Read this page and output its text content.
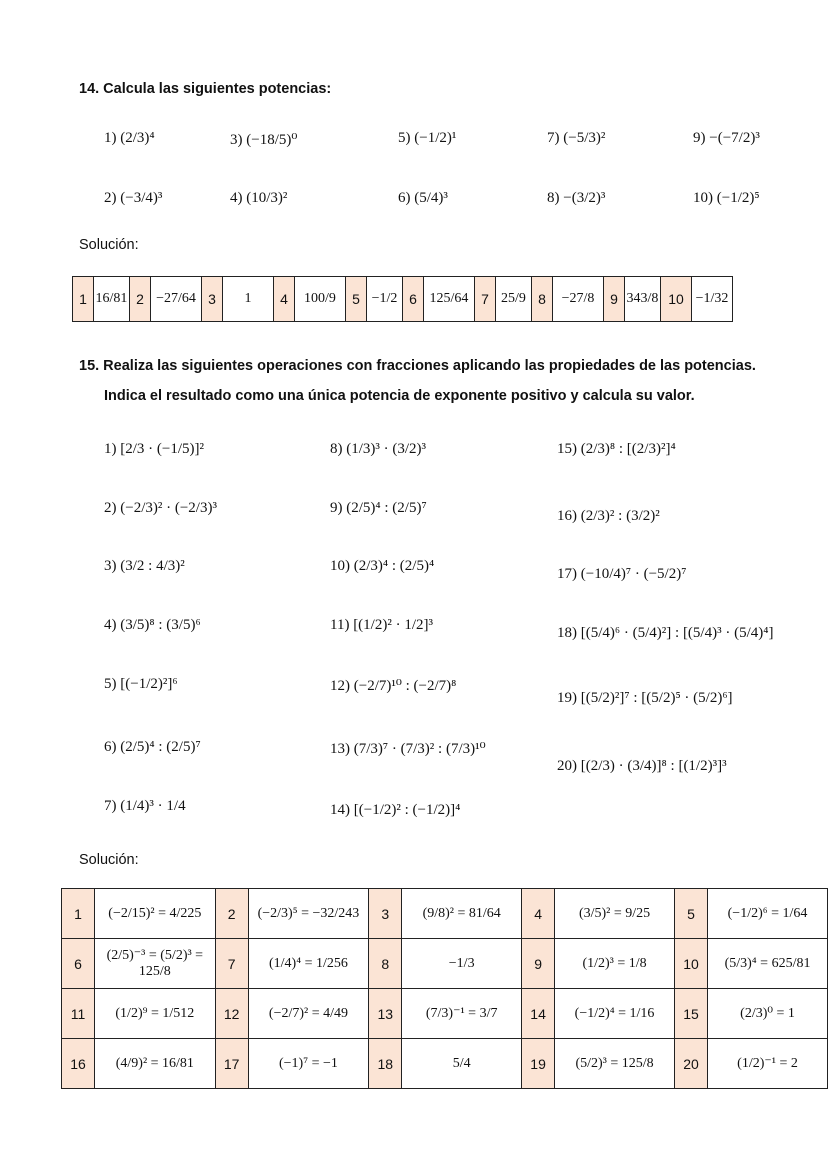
14. Calcula las siguientes potencias:
1) (2/3)⁴	3) (−18/5)⁰	5) (−1/2)¹	7) (−5/3)²	9) −(−7/2)³
2) (−3/4)³	4) (10/3)²	6) (5/4)³	8) −(3/2)³	10) (−1/2)⁵
Solución:
1	16/81	2	−27/64	3	1	4	100/9	5	−1/2	6	125/64	7	25/9	8	−27/8	9	343/8	10	−1/32
15. Realiza las siguientes operaciones con fracciones aplicando las propiedades de las potencias.
Indica el resultado como una única potencia de exponente positivo y calcula su valor.
1) [2/3 · (−1/5)]²
2) (−2/3)² · (−2/3)³
3) (3/2 : 4/3)²
4) (3/5)⁸ : (3/5)⁶
5) [(−1/2)²]⁶
6) (2/5)⁴ : (2/5)⁷
7) (1/4)³ · 1/4
8) (1/3)³ · (3/2)³
9) (2/5)⁴ : (2/5)⁷
10) (2/3)⁴ : (2/5)⁴
11) [(1/2)² · 1/2]³
12) (−2/7)¹⁰ : (−2/7)⁸
13) (7/3)⁷ · (7/3)² : (7/3)¹⁰
14) [(−1/2)² : (−1/2)]⁴
15) (2/3)⁸ : [(2/3)²]⁴
16) (2/3)² : (3/2)²
17) (−10/4)⁷ · (−5/2)⁷
18) [(5/4)⁶ · (5/4)²] : [(5/4)³ · (5/4)⁴]
19) [(5/2)²]⁷ : [(5/2)⁵ · (5/2)⁶]
20) [(2/3) · (3/4)]⁸ : [(1/2)³]³
Solución:
1	(−2/15)² = 4/225	2	(−2/3)⁵ = −32/243	3	(9/8)² = 81/64	4	(3/5)² = 9/25	5	(−1/2)⁶ = 1/64
6	(2/5)⁻³ = (5/2)³ = 125/8	7	(1/4)⁴ = 1/256	8	−1/3	9	(1/2)³ = 1/8	10	(5/3)⁴ = 625/81
11	(1/2)⁹ = 1/512	12	(−2/7)² = 4/49	13	(7/3)⁻¹ = 3/7	14	(−1/2)⁴ = 1/16	15	(2/3)⁰ = 1
16	(4/9)² = 16/81	17	(−1)⁷ = −1	18	5/4	19	(5/2)³ = 125/8	20	(1/2)⁻¹ = 2
